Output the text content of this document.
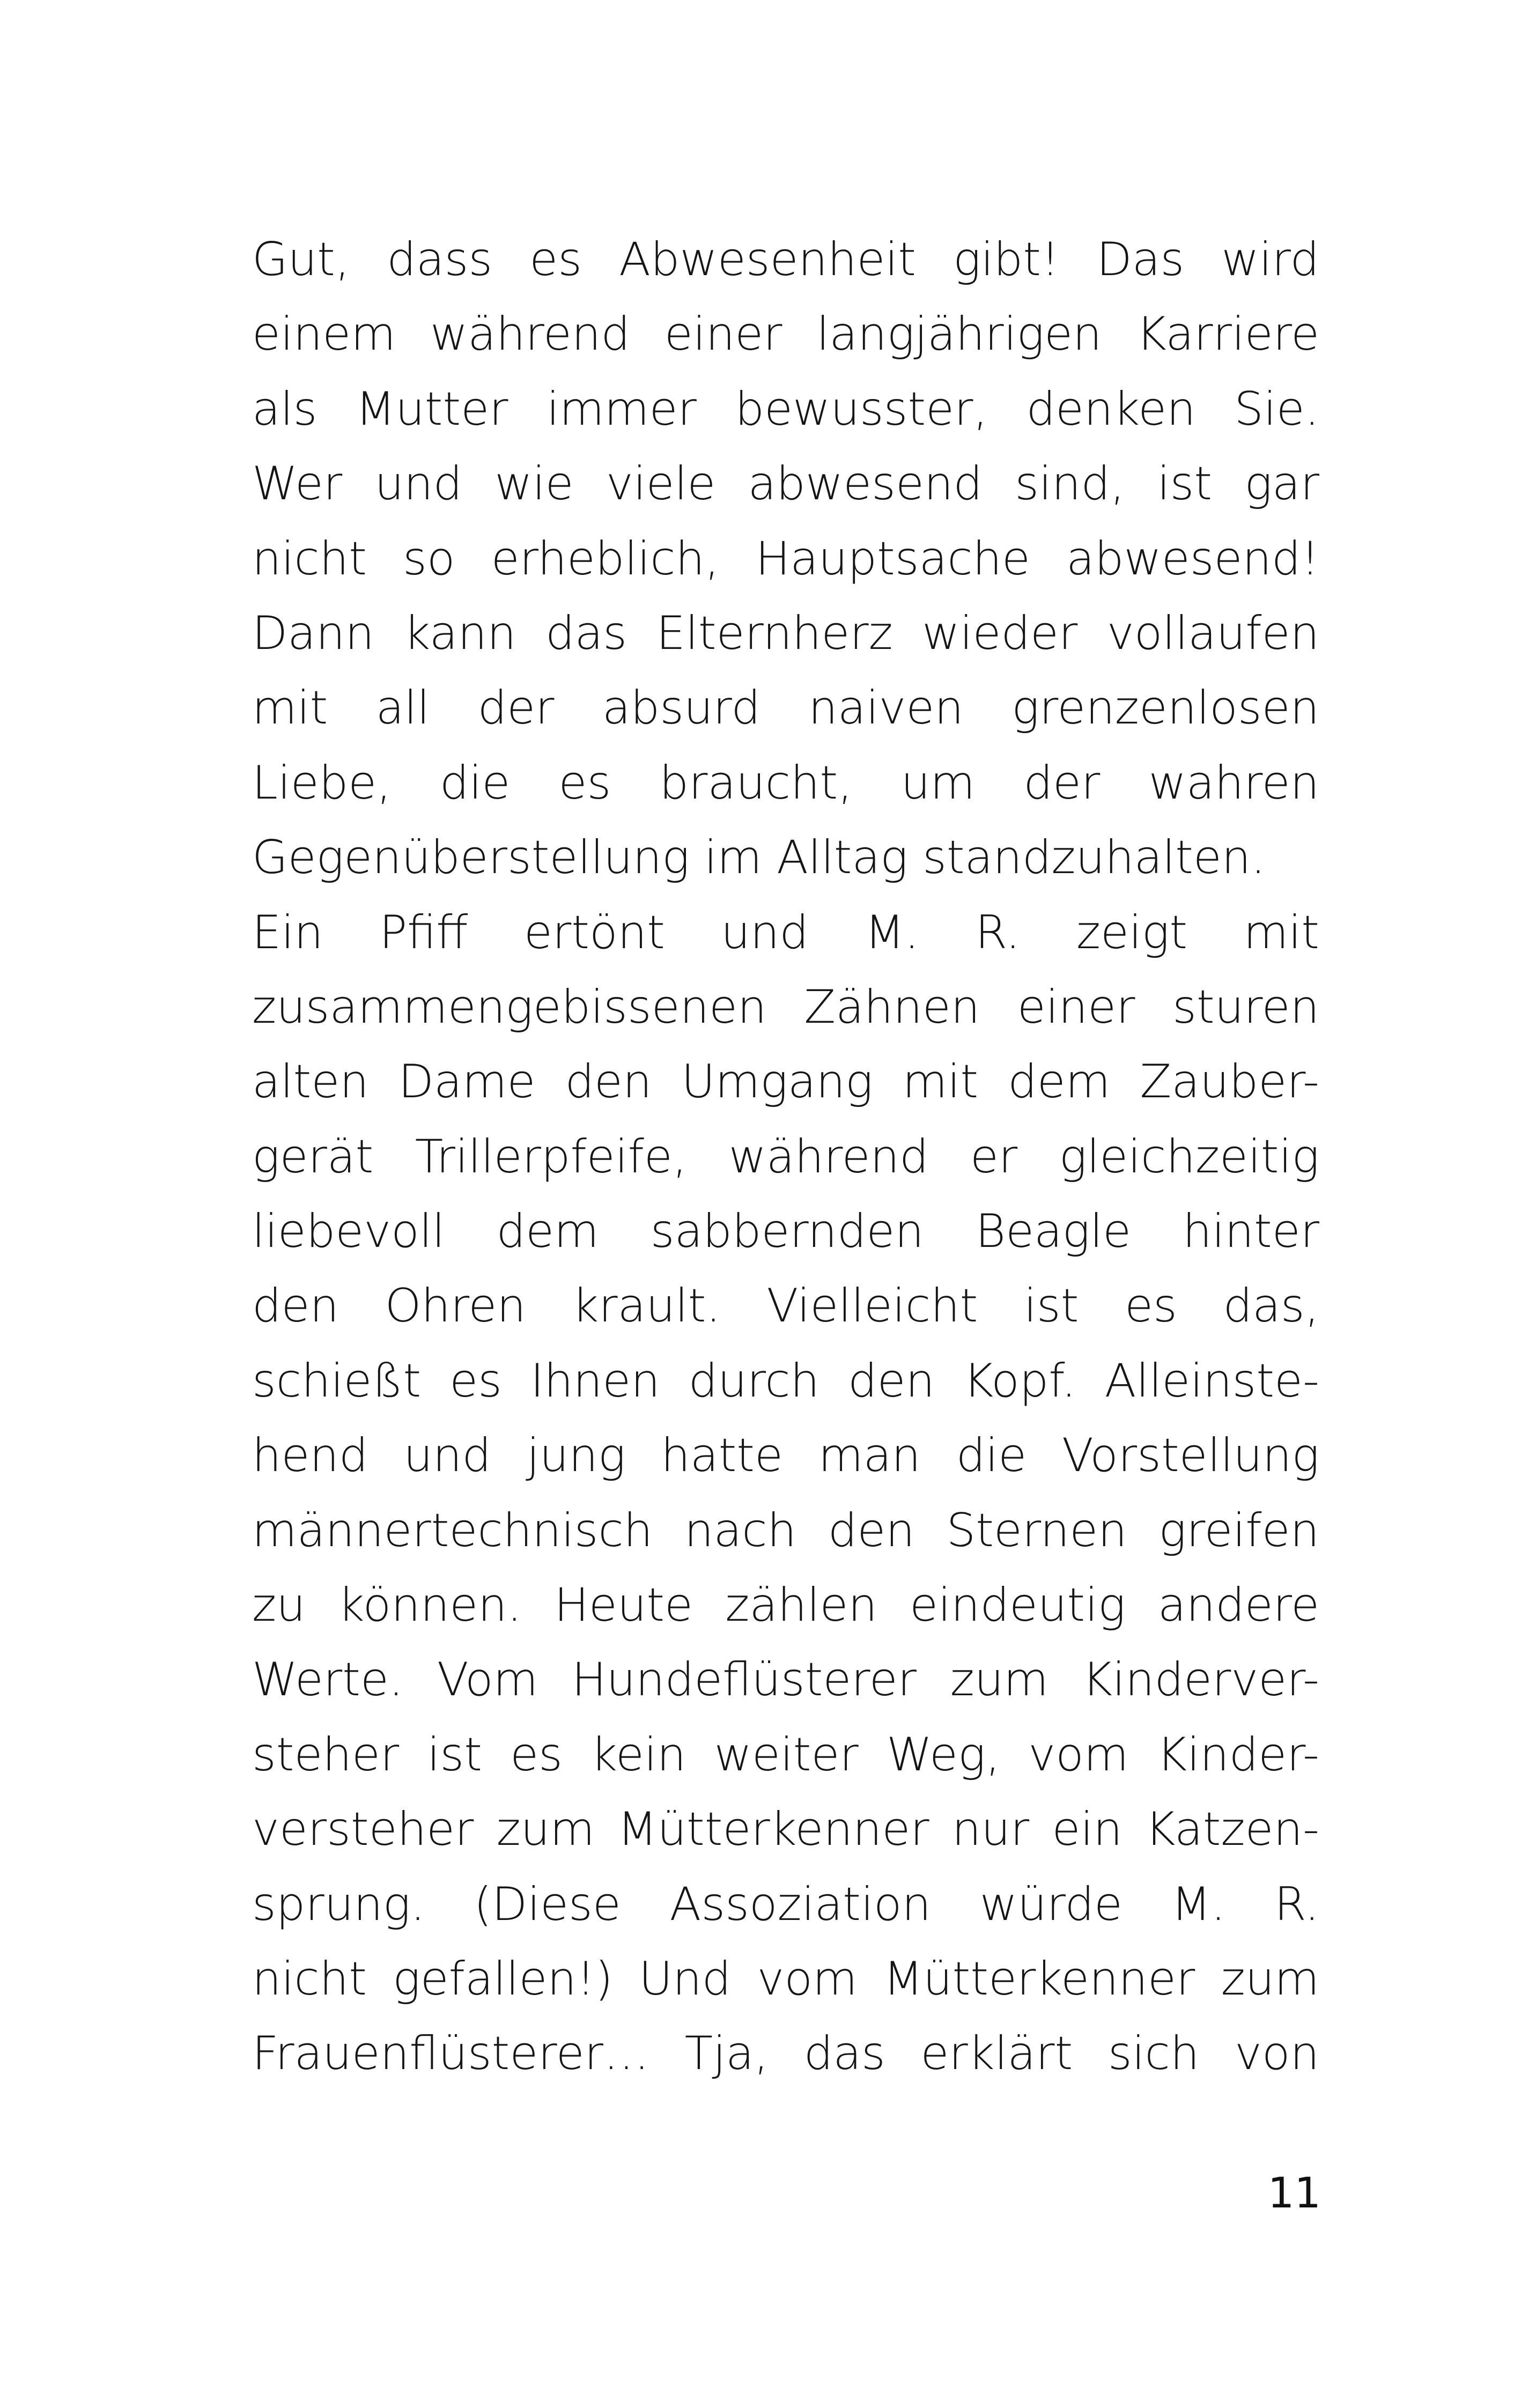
Gut, dass es Abwesenheit gibt! Das wird
einem während einer langjährigen Karriere
als Mutter immer bewusster, denken Sie.
Wer und wie viele abwesend sind, ist gar
nicht so erheblich, Hauptsache abwesend!
Dann kann das Elternherz wieder vollaufen
mit all der absurd naiven grenzenlosen
Liebe, die es braucht, um der wahren
Gegenüberstellung im Alltag standzuhalten.
Ein Pfiff ertönt und M. R. zeigt mit
zusammengebissenen Zähnen einer sturen
alten Dame den Umgang mit dem Zauber-
gerät Trillerpfeife, während er gleichzeitig
liebevoll dem sabbernden Beagle hinter
den Ohren krault. Vielleicht ist es das,
schießt es Ihnen durch den Kopf. Alleinste-
hend und jung hatte man die Vorstellung
männertechnisch nach den Sternen greifen
zu können. Heute zählen eindeutig andere
Werte. Vom Hundeflüsterer zum Kinderver-
steher ist es kein weiter Weg, vom Kinder-
versteher zum Mütterkenner nur ein Katzen-
sprung. (Diese Assoziation würde M. R.
nicht gefallen!) Und vom Mütterkenner zum
Frauenflüsterer… Tja, das erklärt sich von
11
